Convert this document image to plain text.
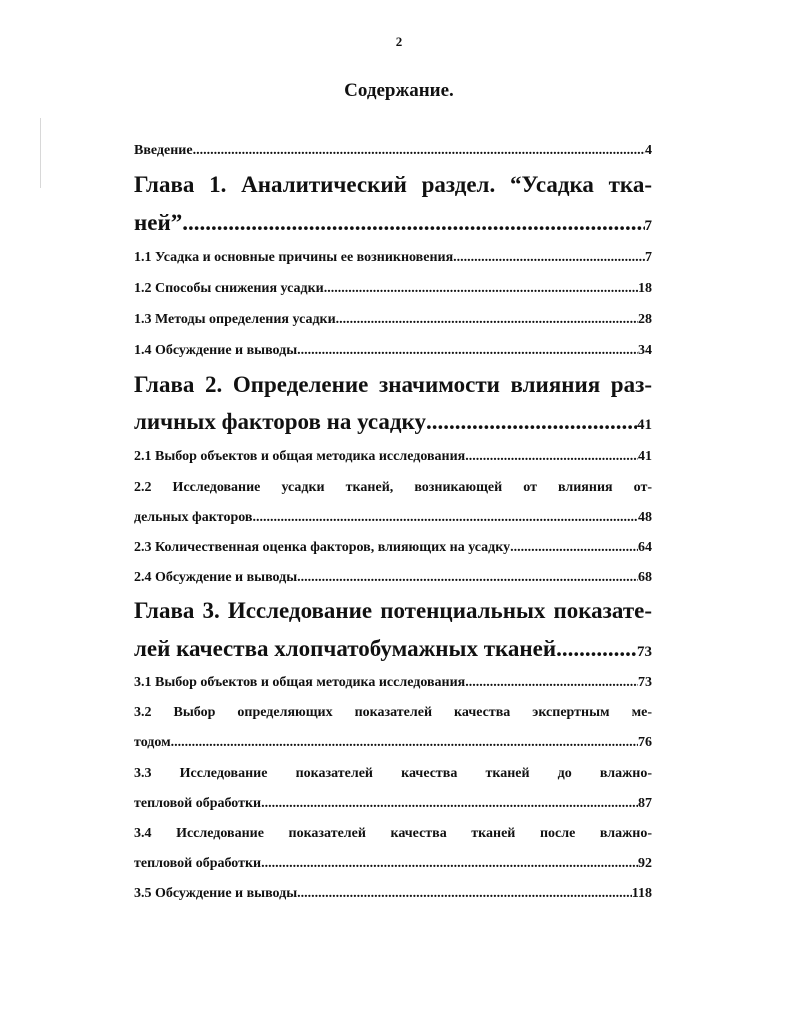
2
Содержание.
Введение .....	4
Глава 1. Аналитический раздел. “Усадка тка-
ней” .....	7
1.1 Усадка и основные причины ее возникновения .....	7
1.2 Способы снижения усадки .....	18
1.3 Методы определения усадки .....	28
1.4 Обсуждение и выводы .....	34
Глава 2. Определение значимости влияния раз-
личных факторов на усадку .....	41
2.1 Выбор объектов и общая методика исследования .....	41
2.2 Исследование усадки тканей, возникающей от влияния от-
дельных факторов .....	48
2.3 Количественная оценка факторов, влияющих на усадку .....	64
2.4 Обсуждение и выводы .....	68
Глава 3. Исследование потенциальных показате-
лей качества хлопчатобумажных тканей .....	73
3.1 Выбор объектов и общая методика исследования .....	73
3.2 Выбор определяющих показателей качества экспертным ме-
тодом .....	76
3.3 Исследование показателей качества тканей до влажно-
тепловой обработки .....	87
3.4 Исследование показателей качества тканей после влажно-
тепловой обработки .....	92
3.5 Обсуждение и выводы .....	118
